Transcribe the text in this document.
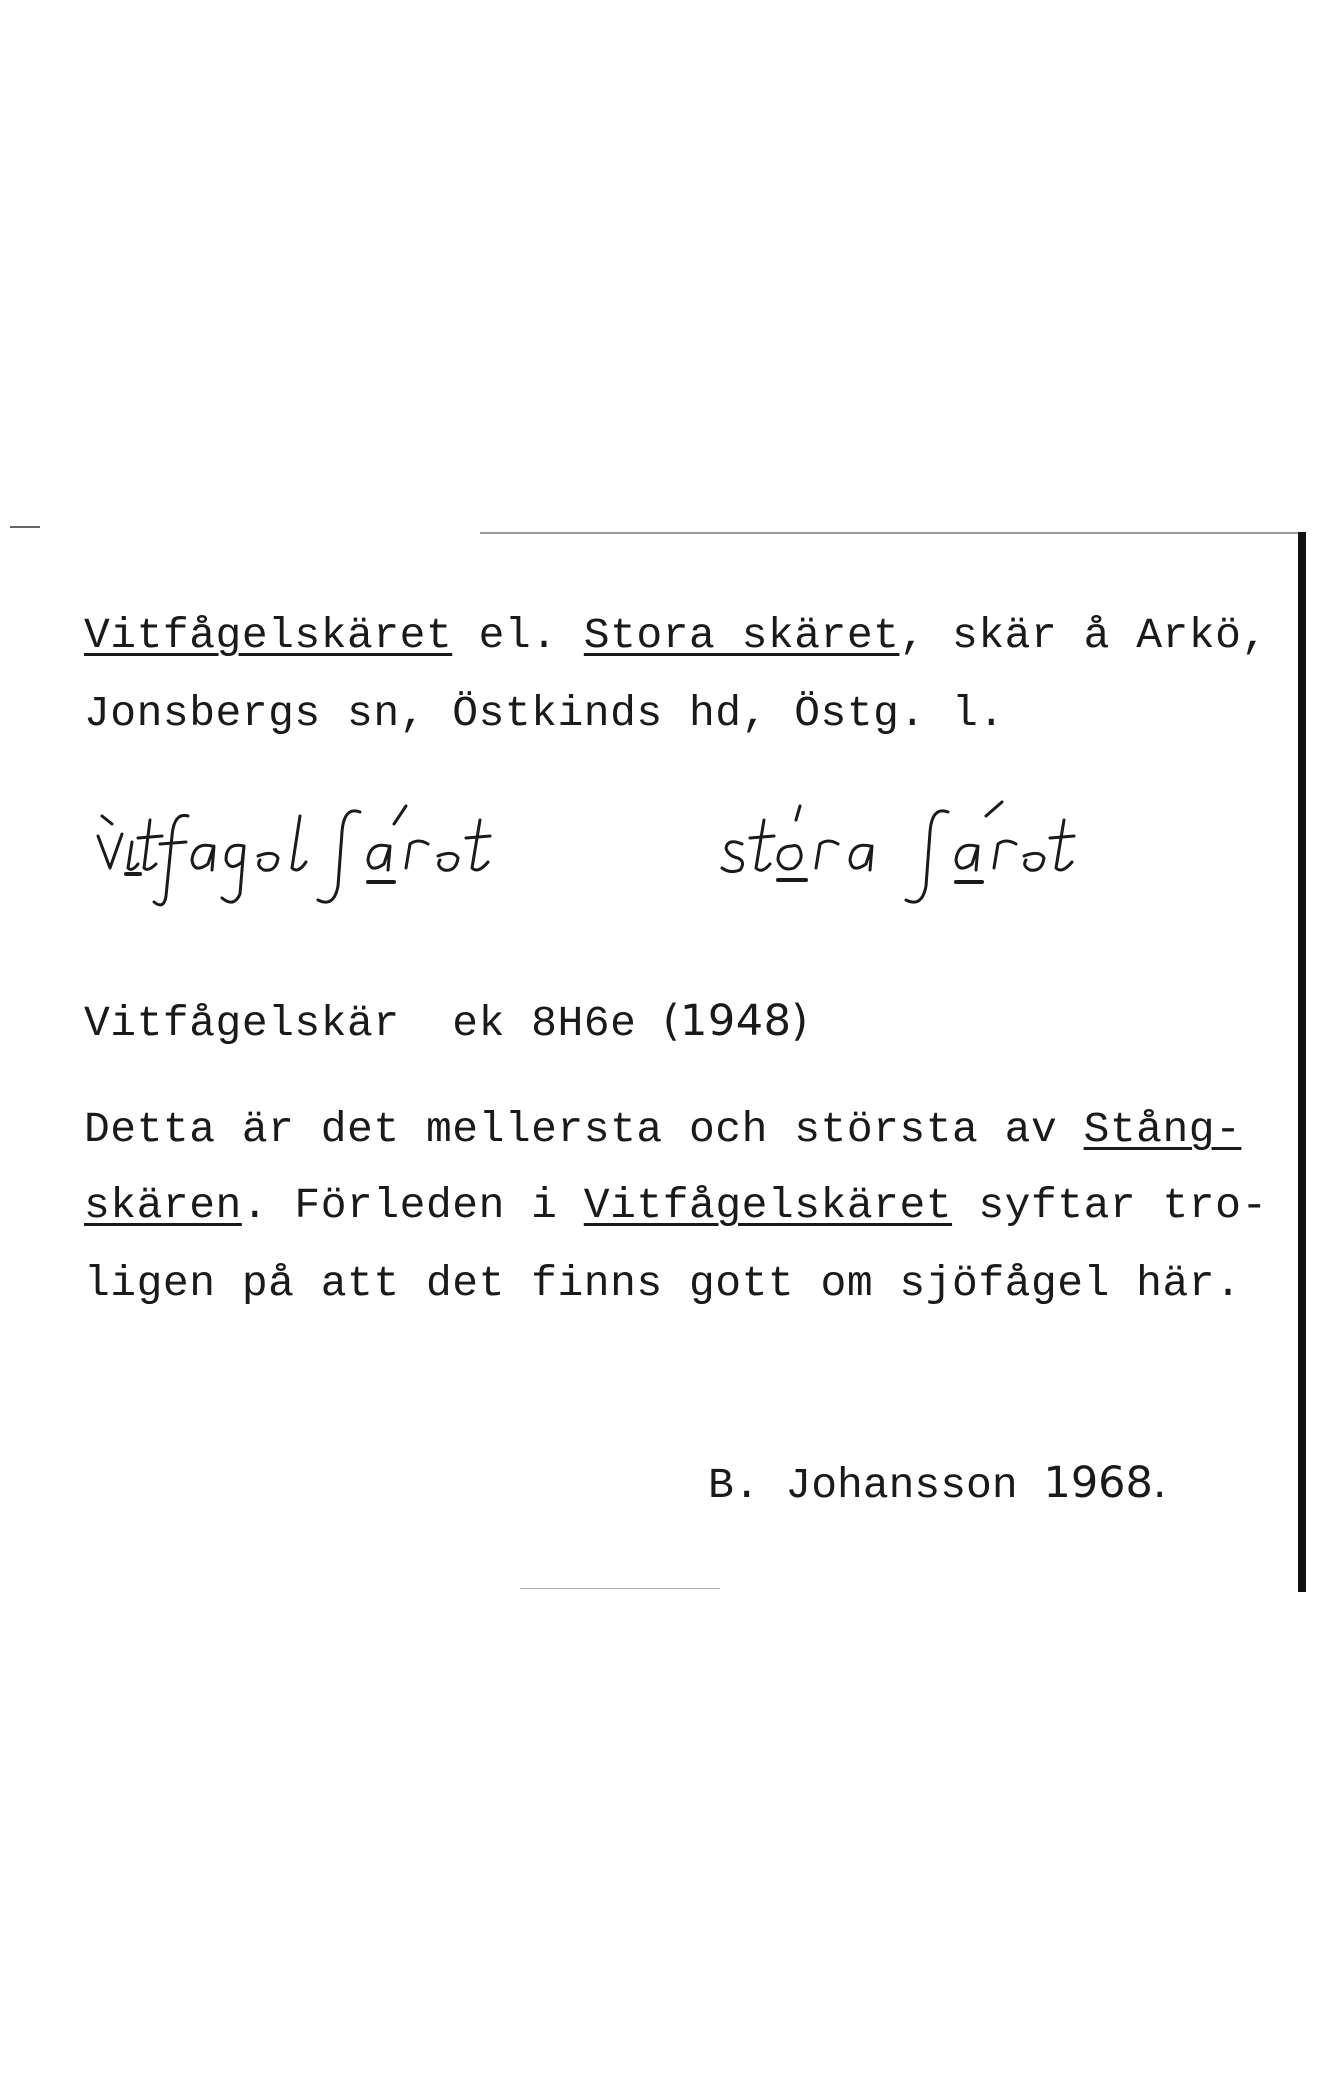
Vitfågelskäret el. Stora skäret, skär å Arkö,
Jonsbergs sn, Östkinds hd, Östg. l.
Vitfågelskär ek 8H6e (1948)
Detta är det mellersta och största av Stång-
skären. Förleden i Vitfågelskäret syftar tro-
ligen på att det finns gott om sjöfågel här.
B. Johansson 1968.
